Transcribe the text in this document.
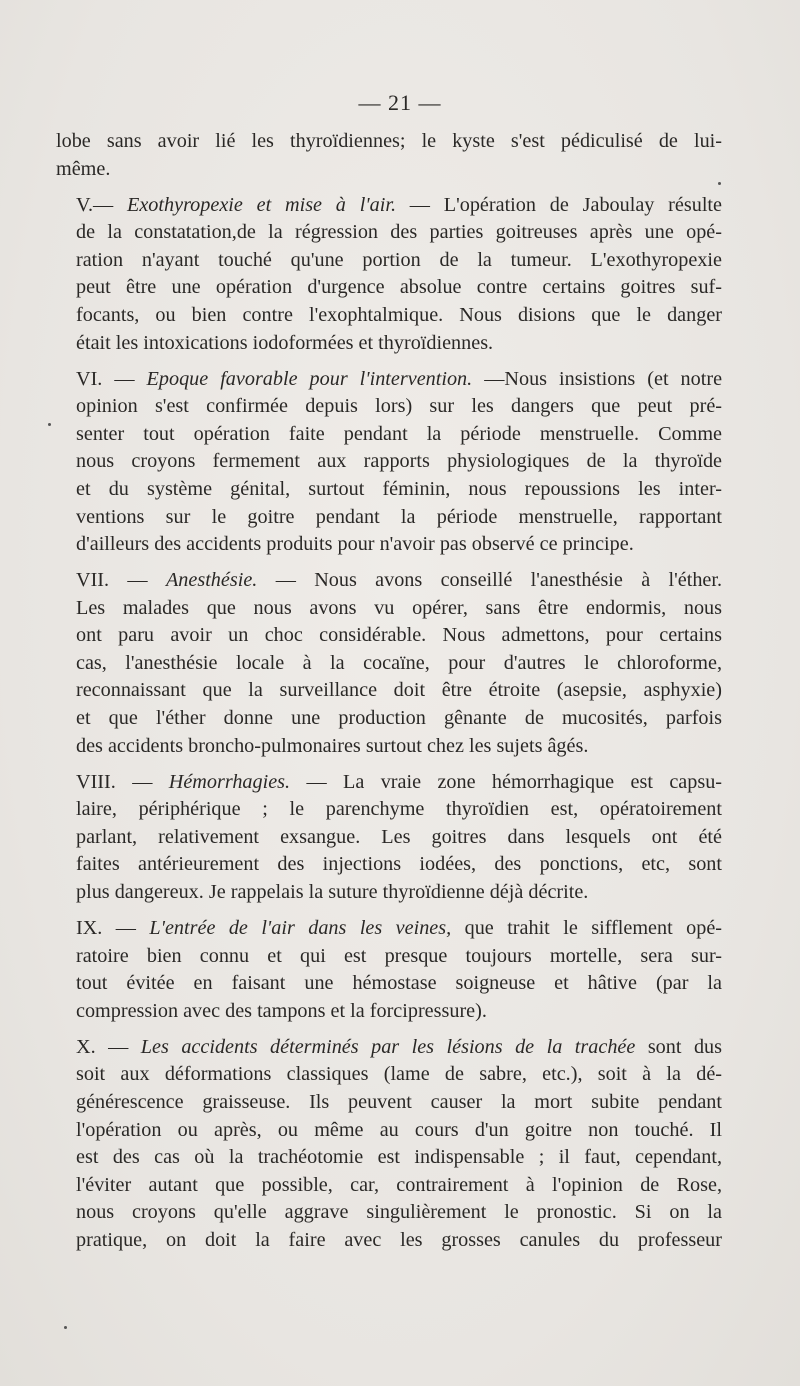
— 21 —
lobe sans avoir lié les thyroïdiennes; le kyste s'est pédiculisé de lui-
même.
V.— Exothyropexie et mise à l'air. — L'opération de Jaboulay résulte
de la constatation,de la régression des parties goitreuses après une opé-
ration n'ayant touché qu'une portion de la tumeur. L'exothyropexie
peut être une opération d'urgence absolue contre certains goitres suf-
focants, ou bien contre l'exophtalmique. Nous disions que le danger
était les intoxications iodoformées et thyroïdiennes.
VI. — Epoque favorable pour l'intervention. —Nous insistions (et notre
opinion s'est confirmée depuis lors) sur les dangers que peut pré-
senter tout opération faite pendant la période menstruelle. Comme
nous croyons fermement aux rapports physiologiques de la thyroïde
et du système génital, surtout féminin, nous repoussions les inter-
ventions sur le goitre pendant la période menstruelle, rapportant
d'ailleurs des accidents produits pour n'avoir pas observé ce principe.
VII. — Anesthésie. — Nous avons conseillé l'anesthésie à l'éther.
Les malades que nous avons vu opérer, sans être endormis, nous
ont paru avoir un choc considérable. Nous admettons, pour certains
cas, l'anesthésie locale à la cocaïne, pour d'autres le chloroforme,
reconnaissant que la surveillance doit être étroite (asepsie, asphyxie)
et que l'éther donne une production gênante de mucosités, parfois
des accidents broncho-pulmonaires surtout chez les sujets âgés.
VIII. — Hémorrhagies. — La vraie zone hémorrhagique est capsu-
laire, périphérique ; le parenchyme thyroïdien est, opératoirement
parlant, relativement exsangue. Les goitres dans lesquels ont été
faites antérieurement des injections iodées, des ponctions, etc, sont
plus dangereux. Je rappelais la suture thyroïdienne déjà décrite.
IX. — L'entrée de l'air dans les veines, que trahit le sifflement opé-
ratoire bien connu et qui est presque toujours mortelle, sera sur-
tout évitée en faisant une hémostase soigneuse et hâtive (par la
compression avec des tampons et la forcipressure).
X. — Les accidents déterminés par les lésions de la trachée sont dus
soit aux déformations classiques (lame de sabre, etc.), soit à la dé-
générescence graisseuse. Ils peuvent causer la mort subite pendant
l'opération ou après, ou même au cours d'un goitre non touché. Il
est des cas où la trachéotomie est indispensable ; il faut, cependant,
l'éviter autant que possible, car, contrairement à l'opinion de Rose,
nous croyons qu'elle aggrave singulièrement le pronostic. Si on la
pratique, on doit la faire avec les grosses canules du professeur
